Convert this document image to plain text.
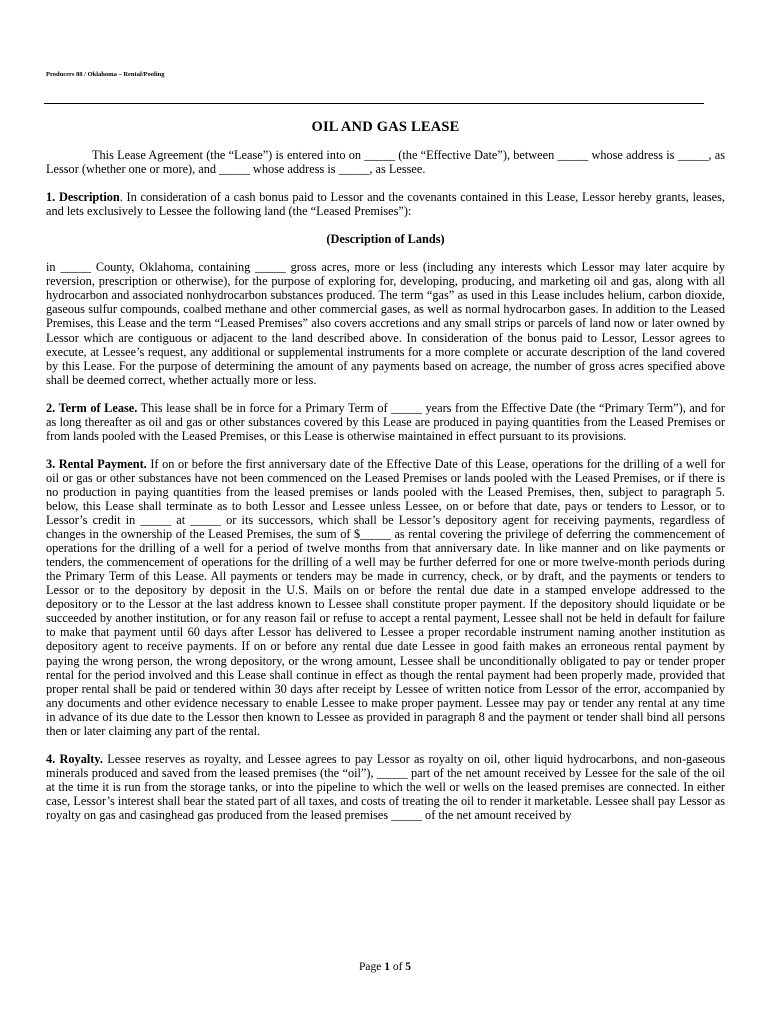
Producers 88 / Oklahoma – Rental/Pooling
OIL AND GAS LEASE

This Lease Agreement (the “Lease”) is entered into on _____ (the “Effective Date”), between _____ whose address is _____, as Lessor (whether one or more), and _____ whose address is _____, as Lessee.

1. Description. In consideration of a cash bonus paid to Lessor and the covenants contained in this Lease, Lessor hereby grants, leases, and lets exclusively to Lessee the following land (the “Leased Premises”):

(Description of Lands)

in _____ County, Oklahoma, containing _____ gross acres, more or less (including any interests which Lessor may later acquire by reversion, prescription or otherwise), for the purpose of exploring for, developing, producing, and marketing oil and gas, along with all hydrocarbon and associated nonhydrocarbon substances produced. The term “gas” as used in this Lease includes helium, carbon dioxide, gaseous sulfur compounds, coalbed methane and other commercial gases, as well as normal hydrocarbon gases. In addition to the Leased Premises, this Lease and the term “Leased Premises” also covers accretions and any small strips or parcels of land now or later owned by Lessor which are contiguous or adjacent to the land described above. In consideration of the bonus paid to Lessor, Lessor agrees to execute, at Lessee’s request, any additional or supplemental instruments for a more complete or accurate description of the land covered by this Lease. For the purpose of determining the amount of any payments based on acreage, the number of gross acres specified above shall be deemed correct, whether actually more or less.

2. Term of Lease. This lease shall be in force for a Primary Term of _____ years from the Effective Date (the “Primary Term”), and for as long thereafter as oil and gas or other substances covered by this Lease are produced in paying quantities from the Leased Premises or from lands pooled with the Leased Premises, or this Lease is otherwise maintained in effect pursuant to its provisions.

3. Rental Payment. If on or before the first anniversary date of the Effective Date of this Lease, operations for the drilling of a well for oil or gas or other substances have not been commenced on the Leased Premises or lands pooled with the Leased Premises, or if there is no production in paying quantities from the leased premises or lands pooled with the Leased Premises, then, subject to paragraph 5. below, this Lease shall terminate as to both Lessor and Lessee unless Lessee, on or before that date, pays or tenders to Lessor, or to Lessor’s credit in _____ at _____ or its successors, which shall be Lessor’s depository agent for receiving payments, regardless of changes in the ownership of the Leased Premises, the sum of $_____ as rental covering the privilege of deferring the commencement of operations for the drilling of a well for a period of twelve months from that anniversary date. In like manner and on like payments or tenders, the commencement of operations for the drilling of a well may be further deferred for one or more twelve-month periods during the Primary Term of this Lease. All payments or tenders may be made in currency, check, or by draft, and the payments or tenders to Lessor or to the depository by deposit in the U.S. Mails on or before the rental due date in a stamped envelope addressed to the depository or to the Lessor at the last address known to Lessee shall constitute proper payment. If the depository should liquidate or be succeeded by another institution, or for any reason fail or refuse to accept a rental payment, Lessee shall not be held in default for failure to make that payment until 60 days after Lessor has delivered to Lessee a proper recordable instrument naming another institution as depository agent to receive payments. If on or before any rental due date Lessee in good faith makes an erroneous rental payment by paying the wrong person, the wrong depository, or the wrong amount, Lessee shall be unconditionally obligated to pay or tender proper rental for the period involved and this Lease shall continue in effect as though the rental payment had been properly made, provided that proper rental shall be paid or tendered within 30 days after receipt by Lessee of written notice from Lessor of the error, accompanied by any documents and other evidence necessary to enable Lessee to make proper payment. Lessee may pay or tender any rental at any time in advance of its due date to the Lessor then known to Lessee as provided in paragraph 8 and the payment or tender shall bind all persons then or later claiming any part of the rental.

4. Royalty. Lessee reserves as royalty, and Lessee agrees to pay Lessor as royalty on oil, other liquid hydrocarbons, and non-gaseous minerals produced and saved from the leased premises (the “oil”), _____ part of the net amount received by Lessee for the sale of the oil at the time it is run from the storage tanks, or into the pipeline to which the well or wells on the leased premises are connected. In either case, Lessor’s interest shall bear the stated part of all taxes, and costs of treating the oil to render it marketable. Lessee shall pay Lessor as royalty on gas and casinghead gas produced from the leased premises _____ of the net amount received by

Page 1 of 5
